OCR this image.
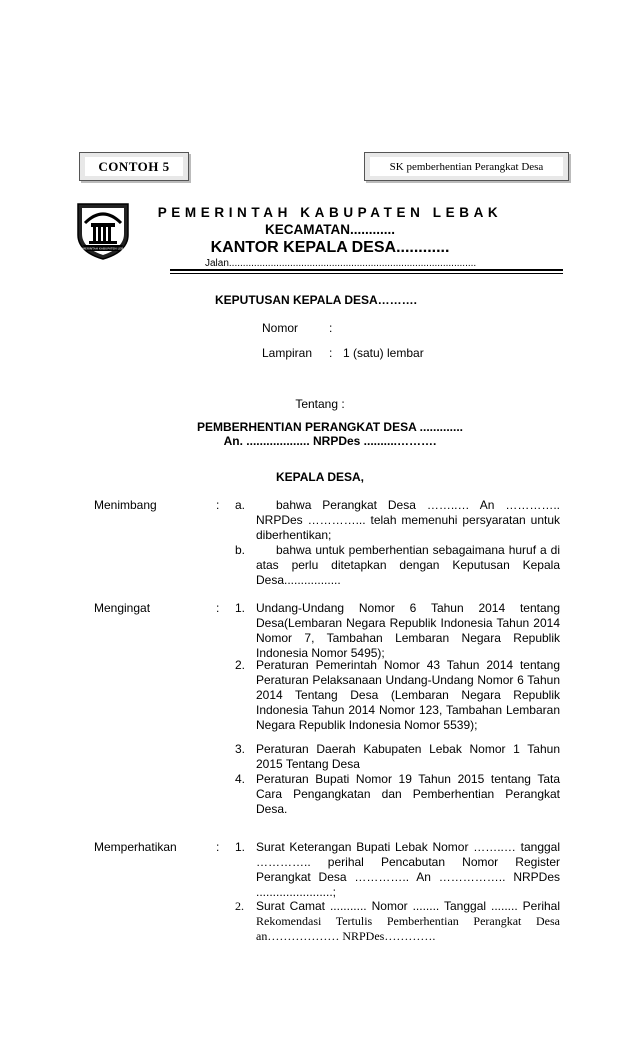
CONTOH 5	SK pemberhentian Perangkat Desa
PEMERINTAH KABUPATEN LEBAK
PEMERINTAH KABUPATEN LEBAK
KECAMATAN............
KANTOR KEPALA DESA............
Jalan.........................................................................................
KEPUTUSAN KEPALA DESA……….
Nomor	:
Lampiran : 1 (satu) lembar
Tentang :
PEMBERHENTIAN PERANGKAT DESA .............
An. ................... NRPDes ..........……….
KEPALA DESA,
Menimbang	: a.	bahwa Perangkat Desa ……..… An ………….. NRPDes …………... telah memenuhi persyaratan untuk diberhentikan;
b.	bahwa untuk pemberhentian sebagaimana huruf a di atas perlu ditetapkan dengan Keputusan Kepala Desa.................
Mengingat	: 1. Undang-Undang Nomor 6 Tahun 2014 tentang Desa(Lembaran Negara Republik Indonesia Tahun 2014 Nomor 7, Tambahan Lembaran Negara Republik Indonesia Nomor 5495);
2. Peraturan Pemerintah Nomor 43 Tahun 2014 tentang Peraturan Pelaksanaan Undang-Undang Nomor 6 Tahun 2014 Tentang Desa (Lembaran Negara Republik Indonesia Tahun 2014 Nomor 123, Tambahan Lembaran Negara Republik Indonesia Nomor 5539);
3. Peraturan Daerah Kabupaten Lebak Nomor 1 Tahun 2015 Tentang Desa
4. Peraturan Bupati Nomor 19 Tahun 2015 tentang Tata Cara Pengangkatan dan Pemberhentian Perangkat Desa.
Memperhatikan	: 1. Surat Keterangan Bupati Lebak Nomor ……..… tanggal ………….. perihal Pencabutan Nomor Register Perangkat Desa ………….. An …………….. NRPDes .......................;
2. Surat Camat ........... Nomor ........ Tanggal ........ Perihal Rekomendasi Tertulis Pemberhentian Perangkat Desa an……………… NRPDes………….
